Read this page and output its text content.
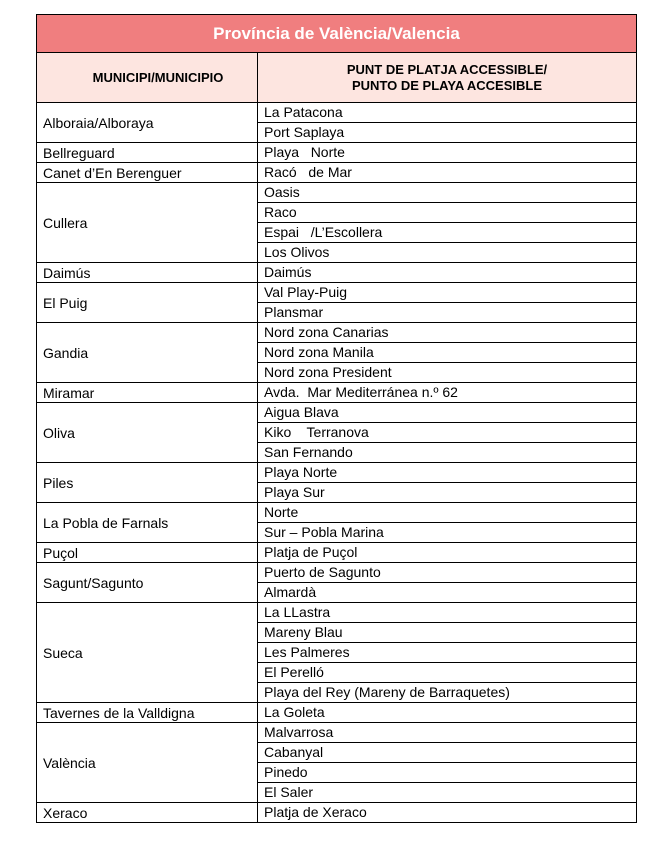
Província de València/Valencia	
MUNICIPI/MUNICIPIO	PUNT DE PLATJA ACCESSIBLE/
PUNTO DE PLAYA ACCESIBLE
Alboraia/Alboraya	La Patacona
	Port Saplaya
Bellreguard	Playa   Norte
Canet d’En Berenguer	Racó   de Mar
Cullera	Oasis
	Raco
	Espai   /L’Escollera
	Los Olivos
Daimús	Daimús
El Puig	Val Play-Puig
	Plansmar
Gandia	Nord zona Canarias
	Nord zona Manila
	Nord zona President
Miramar	Avda.  Mar Mediterránea n.º 62
Oliva	Aigua Blava
	Kiko    Terranova
	San Fernando
Piles	Playa Norte
	Playa Sur
La Pobla de Farnals	Norte
	Sur – Pobla Marina
Puçol	Platja de Puçol
Sagunt/Sagunto	Puerto de Sagunto
	Almardà
Sueca	La LLastra
	Mareny Blau
	Les Palmeres
	El Perelló
	Playa del Rey (Mareny de Barraquetes)
Tavernes de la Valldigna	La Goleta
València	Malvarrosa
	Cabanyal
	Pinedo
	El Saler
Xeraco	Platja de Xeraco
